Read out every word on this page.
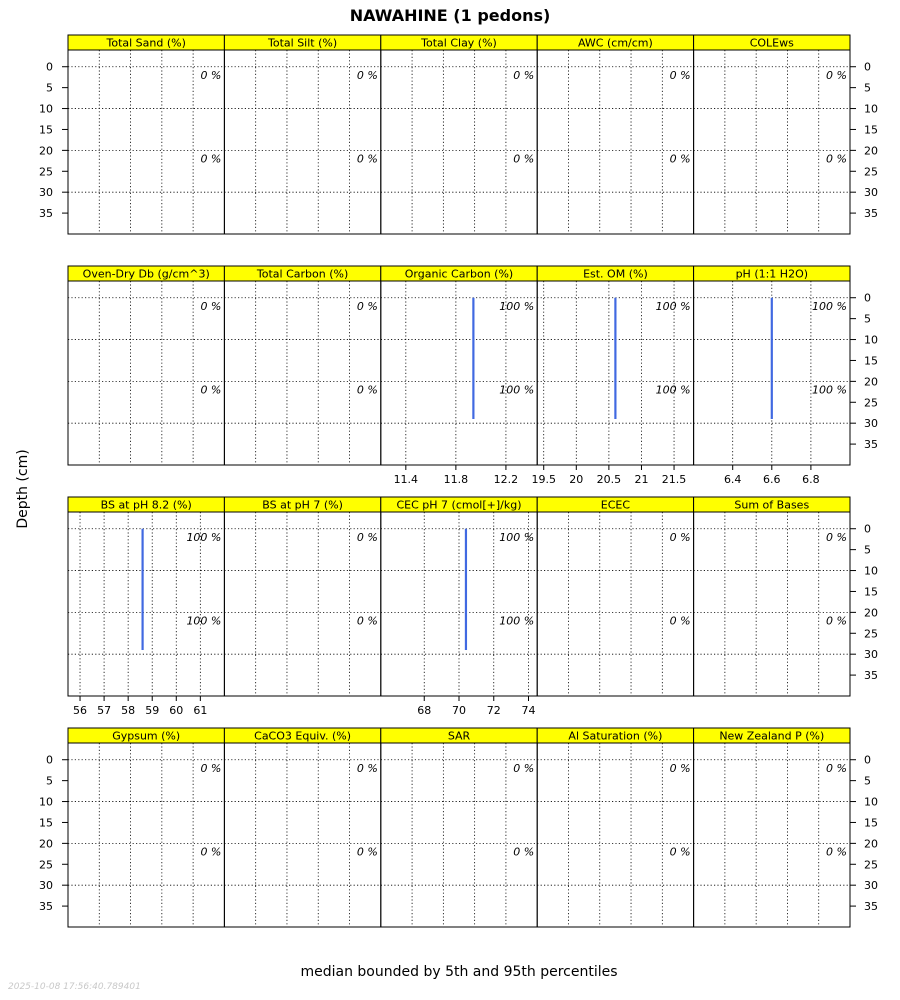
NAWAHINE (1 pedons)
Depth (cm)
Total Sand (%)
0 %
0 %
Total Silt (%)
0 %
0 %
Total Clay (%)
0 %
0 %
AWC (cm/cm)
0 %
0 %
COLEws
0 %
0 %
0
5
10
15
20
25
30
35
0
5
10
15
20
25
30
35
Oven-Dry Db (g/cm^3)
0 %
0 %
Total Carbon (%)
0 %
0 %
Organic Carbon (%)
11.4 11.8 12.2
100 %
100 %
Est. OM (%)
19.5 20 20.5 21 21.5
100 %
100 %
pH (1:1 H2O)
6.4 6.6 6.8
100 %
100 %
0
5
10
15
20
25
30
35
BS at pH 8.2 (%)
56 57 58 59 60 61
100 %
100 %
BS at pH 7 (%)
0 %
0 %
CEC pH 7 (cmol[+]/kg)
68 70 72 74
100 %
100 %
ECEC
0 %
0 %
Sum of Bases
0 %
0 %
0
5
10
15
20
25
30
35
Gypsum (%)
0 %
0 %
CaCO3 Equiv. (%)
0 %
0 %
SAR
0 %
0 %
Al Saturation (%)
0 %
0 %
New Zealand P (%)
0 %
0 %
0
5
10
15
20
25
30
35
0
5
10
15
20
25
30
35
median bounded by 5th and 95th percentiles
2025-10-08 17:56:40.789401
